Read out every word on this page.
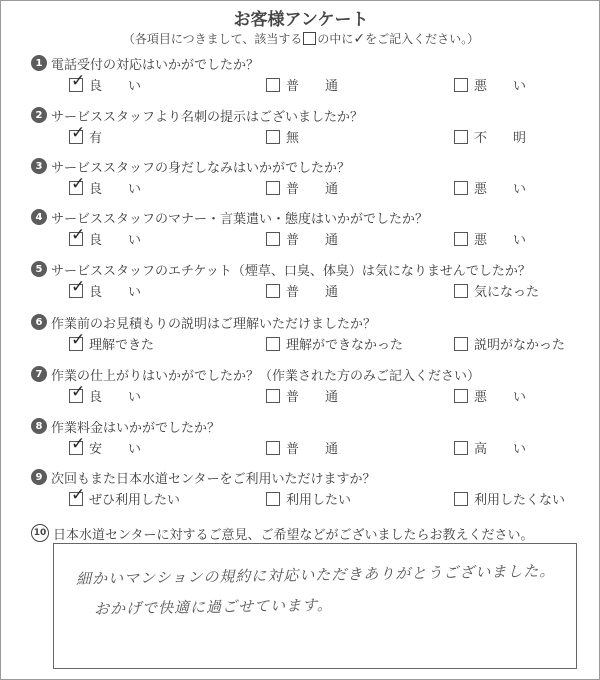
お客様アンケート
（各項目につきまして、該当する の中に✓をご記入ください。）
1 電話受付の対応はいかがでしたか？
✓ 良　　い	普　　通	悪　　い
2 サービススタッフより名刺の提示はございましたか？
✓ 有	無	不　　明
3 サービススタッフの身だしなみはいかがでしたか？
✓ 良　　い	普　　通	悪　　い
4 サービススタッフのマナー・言葉遣い・態度はいかがでしたか？
✓ 良　　い	普　　通	悪　　い
5 サービススタッフのエチケット（煙草、口臭、体臭）は気になりませんでしたか？
✓ 良　　い	普　　通	気になった
6 作業前のお見積もりの説明はご理解いただけましたか？
✓ 理解できた	理解ができなかった	説明がなかった
7 作業の仕上がりはいかがでしたか？（作業された方のみご記入ください）
✓ 良　　い	普　　通	悪　　い
8 作業料金はいかがでしたか？
✓ 安　　い	普　　通	高　　い
9 次回もまた日本水道センターをご利用いただけますか？
✓ ぜひ利用したい	利用したい	利用したくない
10 日本水道センターに対するご意見、ご希望などがございましたらお教えください。
細かいマンションの規約に対応いただきありがとうございました。
おかげで快適に過ごせています。
